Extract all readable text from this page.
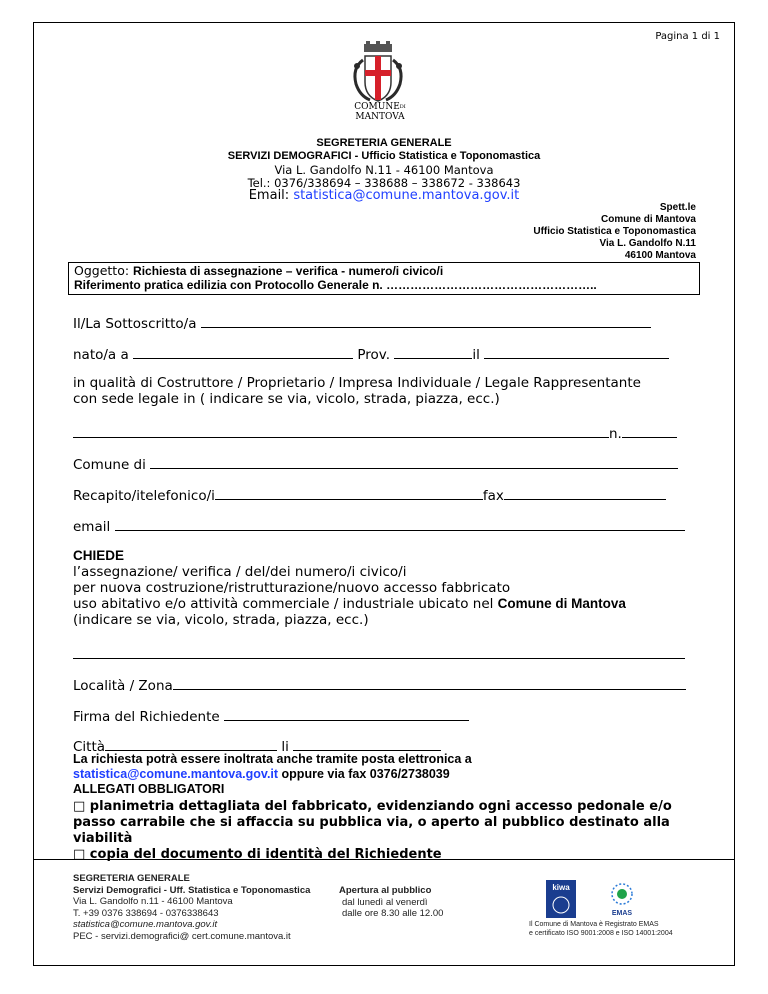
Pagina 1 di 1
$COMUNE^{DI}$
MANTOVA
SEGRETERIA GENERALE
SERVIZI DEMOGRAFICI - Ufficio Statistica e Toponomastica
Via L. Gandolfo N.11 - 46100 Mantova
Tel.: 0376/338694 – 338688 – 338672 - 338643
Email: statistica@comune.mantova.gov.it
Spett.le
Comune di Mantova
Ufficio Statistica e Toponomastica
Via L. Gandolfo N.11
46100 Mantova
Oggetto: Richiesta di assegnazione – verifica - numero/i civico/i
Riferimento pratica edilizia con Protocollo Generale n. ……………………………………………..
Il/La Sottoscritto/a
nato/a a	Prov.	il
in qualità di Costruttore / Proprietario / Impresa Individuale / Legale Rappresentante
con sede legale in ( indicare se via, vicolo, strada, piazza, ecc.)
n.
Comune di
Recapito/itelefonico/i	fax
email
CHIEDE
l’assegnazione/ verifica / del/dei numero/i civico/i
per nuova costruzione/ristrutturazione/nuovo accesso fabbricato
uso abitativo e/o attività commerciale / industriale ubicato nel Comune di Mantova
(indicare se via, vicolo, strada, piazza, ecc.)
Località / Zona
Firma del Richiedente
Città	li
La richiesta potrà essere inoltrata anche tramite posta elettronica a
statistica@comune.mantova.gov.it oppure via fax 0376/2738039
ALLEGATI OBBLIGATORI
□ planimetria dettagliata del fabbricato, evidenziando ogni accesso pedonale e/o
passo carrabile che si affaccia su pubblica via, o aperto al pubblico destinato alla
viabilità
□ copia del documento di identità del Richiedente
SEGRETERIA GENERALE
Servizi Demografici - Uff. Statistica e Toponomastica
Via L. Gandolfo n.11 - 46100 Mantova
T. +39 0376 338694 - 0376338643
statistica@comune.mantova.gov.it
PEC - servizi.demografici@ cert.comune.mantova.it
Apertura al pubblico
dal lunedì al venerdì
dalle ore 8.30 alle 12.00
kiwa
EMAS
Il Comune di Mantova è Registrato EMAS
e certificato ISO 9001:2008 e ISO 14001:2004
